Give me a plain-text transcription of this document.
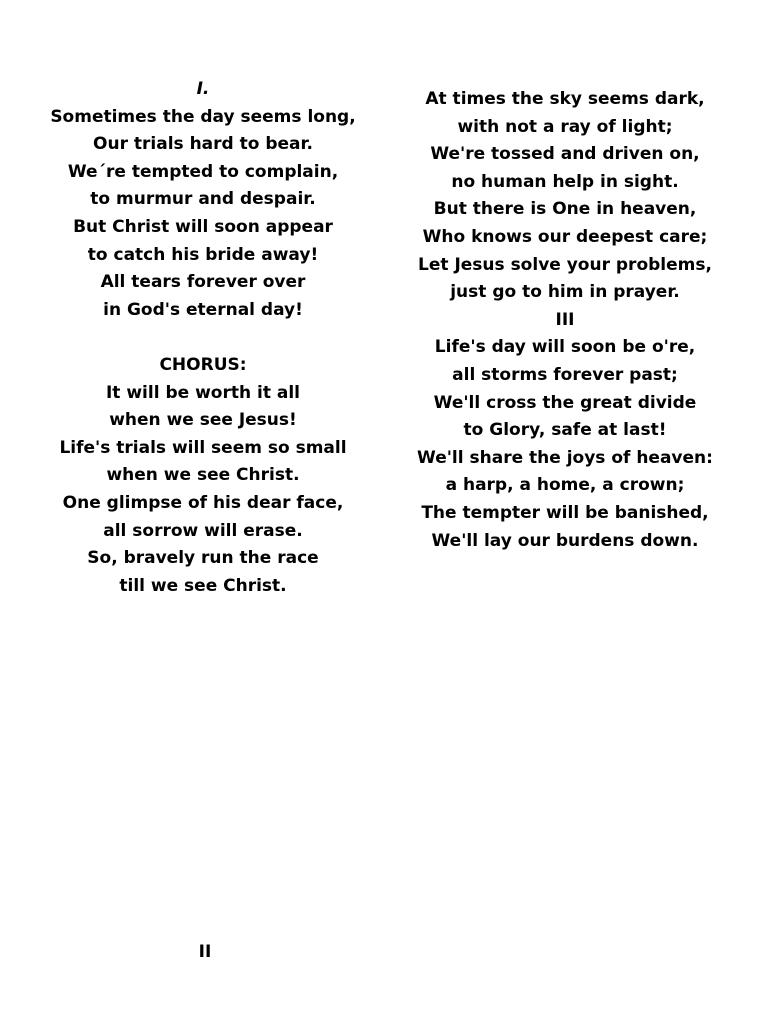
I.
Sometimes the day seems long,
Our trials hard to bear.
We´re tempted to complain,
to murmur and despair.
But Christ will soon appear
to catch his bride away!
All tears forever over
in God's eternal day!
CHORUS:
It will be worth it all
when we see Jesus!
Life's trials will seem so small
when we see Christ.
One glimpse of his dear face,
all sorrow will erase.
So, bravely run the race
till we see Christ.
At times the sky seems dark,
with not a ray of light;
We're tossed and driven on,
no human help in sight.
But there is One in heaven,
Who knows our deepest care;
Let Jesus solve your problems,
just go to him in prayer.
III
Life's day will soon be o're,
all storms forever past;
We'll cross the great divide
to Glory, safe at last!
We'll share the joys of heaven:
a harp, a home, a crown;
The tempter will be banished,
We'll lay our burdens down.
II
